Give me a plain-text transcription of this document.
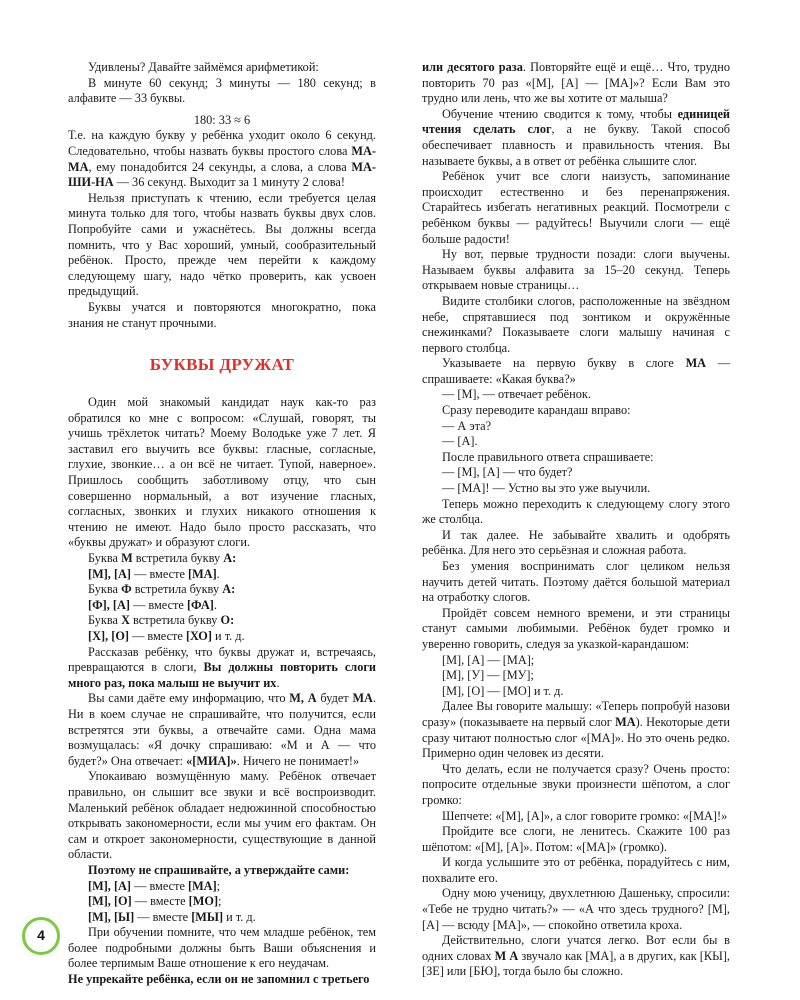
Удивлены? Давайте займёмся арифметикой:

В минуте 60 секунд; 3 минуты — 180 секунд; в алфавите — 33 буквы.

180: 33 ≈ 6

Т.е. на каждую букву у ребёнка уходит около 6 секунд. Следовательно, чтобы назвать буквы простого слова МА-МА, ему понадобится 24 секунды, а слова, а слова МА-ШИ-НА — 36 секунд. Выходит за 1 минуту 2 слова!

Нельзя приступать к чтению, если требуется целая минута только для того, чтобы назвать буквы двух слов. Попробуйте сами и ужаснётесь. Вы должны всегда помнить, что у Вас хороший, умный, сообразительный ребёнок. Просто, прежде чем перейти к каждому следующему шагу, надо чётко проверить, как усвоен предыдущий.

Буквы учатся и повторяются многократно, пока знания не станут прочными.

БУКВЫ ДРУЖАТ

Один мой знакомый кандидат наук как-то раз обратился ко мне с вопросом: «Слушай, говорят, ты учишь трёхлеток читать? Моему Володьке уже 7 лет. Я заставил его выучить все буквы: гласные, согласные, глухие, звонкие… а он всё не читает. Тупой, наверное». Пришлось сообщить заботливому отцу, что сын совершенно нормальный, а вот изучение гласных, согласных, звонких и глухих никакого отношения к чтению не имеют. Надо было просто рассказать, что «буквы дружат» и образуют слоги.

Буква М встретила букву А:

[М], [А] — вместе [МА].

Буква Ф встретила букву А:

[Ф], [А] — вместе [ФА].

Буква Х встретила букву О:

[Х], [О] — вместе [ХО] и т. д.

Рассказав ребёнку, что буквы дружат и, встречаясь, превращаются в слоги, Вы должны повторить слоги много раз, пока малыш не выучит их.

Вы сами даёте ему информацию, что М, А будет МА. Ни в коем случае не спрашивайте, что получится, если встретятся эти буквы, а отвечайте сами. Одна мама возмущалась: «Я дочку спрашиваю: «М и А — что будет?» Она отвечает: «[МИА]». Ничего не понимает!»

Упокаиваю возмущённую маму. Ребёнок отвечает правильно, он слышит все звуки и всё воспроизводит. Маленький ребёнок обладает недюжинной способностью открывать закономерности, если мы учим его фактам. Он сам и откроет закономерности, существующие в данной области.

Поэтому не спрашивайте, а утверждайте сами:

[М], [А] — вместе [МА];

[М], [О] — вместе [МО];

[М], [Ы] — вместе [МЫ] и т. д.

При обучении помните, что чем младше ребёнок, тем более подробными должны быть Ваши объяснения и более терпимым Ваше отношение к его неудачам.

Не упрекайте ребёнка, если он не запомнил с третьего

или десятого раза. Повторяйте ещё и ещё… Что, трудно повторить 70 раз «[М], [А] — [МА]»? Если Вам это трудно или лень, что же вы хотите от малыша?

Обучение чтению сводится к тому, чтобы единицей чтения сделать слог, а не букву. Такой способ обеспечивает плавность и правильность чтения. Вы называете буквы, а в ответ от ребёнка слышите слог.

Ребёнок учит все слоги наизусть, запоминание происходит естественно и без перенапряжения. Старайтесь избегать негативных реакций. Посмотрели с ребёнком буквы — радуйтесь! Выучили слоги — ещё больше радости!

Ну вот, первые трудности позади: слоги выучены. Называем буквы алфавита за 15–20 секунд. Теперь открываем новые страницы…

Видите столбики слогов, расположенные на звёздном небе, спрятавшиеся под зонтиком и окружённые снежинками? Показываете слоги малышу начиная с первого столбца.

Указываете на первую букву в слоге МА — спрашиваете: «Какая буква?»

— [М], — отвечает ребёнок.

Сразу переводите карандаш вправо:

— А эта?

— [А].

После правильного ответа спрашиваете:

— [М], [А] — что будет?

— [МА]! — Устно вы это уже выучили.

Теперь можно переходить к следующему слогу этого же столбца.

И так далее. Не забывайте хвалить и одобрять ребёнка. Для него это серьёзная и сложная работа.

Без умения воспринимать слог целиком нельзя научить детей читать. Поэтому даётся большой материал на отработку слогов.

Пройдёт совсем немного времени, и эти страницы станут самыми любимыми. Ребёнок будет громко и уверенно говорить, следуя за указкой-карандашом:

[М], [А] — [МА];

[М], [У] — [МУ];

[М], [О] — [МО] и т. д.

Далее Вы говорите малышу: «Теперь попробуй назови сразу» (показываете на первый слог МА). Некоторые дети сразу читают полностью слог «[МА]». Но это очень редко. Примерно один человек из десяти.

Что делать, если не получается сразу? Очень просто: попросите отдельные звуки произнести шёпотом, а слог громко:

Шепчете: «[М], [А]», а слог говорите громко: «[МА]!»

Пройдите все слоги, не ленитесь. Скажите 100 раз шёпотом: «[М], [А]». Потом: «[МА]» (громко).

И когда услышите это от ребёнка, порадуйтесь с ним, похвалите его.

Одну мою ученицу, двухлетнюю Дашеньку, спросили: «Тебе не трудно читать?» — «А что здесь трудного? [М], [А] — всюду [МА]», — спокойно ответила кроха.

Действительно, слоги учатся легко. Вот если бы в одних словах М А звучало как [МА], а в других, как [КЫ], [ЗЕ] или [БЮ], тогда было бы сложно.

4
